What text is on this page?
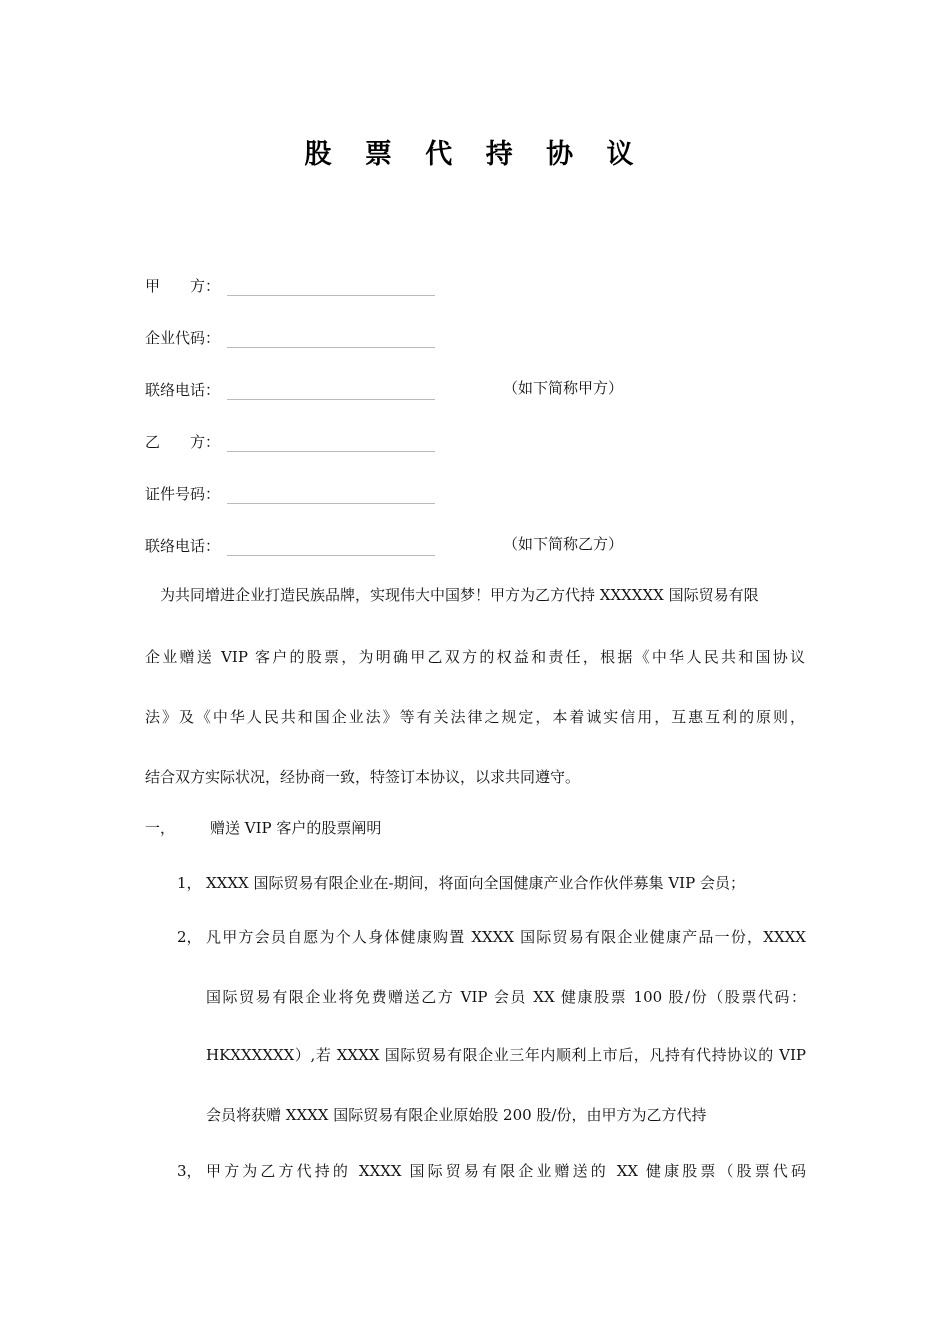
股 票 代 持 协 议
甲　　方：
企业代码：
联络电话：	（如下简称甲方）
乙　　方：
证件号码：
联络电话：	（如下简称乙方）
为共同增进企业打造民族品牌，实现伟大中国梦！甲方为乙方代持 XXXXXX 国际贸易有限
企业赠送 VIP 客户的股票，为明确甲乙双方的权益和责任，根据《中华人民共和国协议
法》及《中华人民共和国企业法》等有关法律之规定，本着诚实信用，互惠互利的原则，
结合双方实际状况，经协商一致，特签订本协议，以求共同遵守。
一， 赠送 VIP 客户的股票阐明
1， XXXX 国际贸易有限企业在-期间，将面向全国健康产业合作伙伴募集 VIP 会员；
2， 凡甲方会员自愿为个人身体健康购置 XXXX 国际贸易有限企业健康产品一份，XXXX
国际贸易有限企业将免费赠送乙方 VIP 会员 XX 健康股票 100 股/份（股票代码：
HKXXXXXX）,若 XXXX 国际贸易有限企业三年内顺利上市后，凡持有代持协议的 VIP
会员将获赠 XXXX 国际贸易有限企业原始股 200 股/份，由甲方为乙方代持
3， 甲方为乙方代持的 XXXX 国际贸易有限企业赠送的 XX 健康股票（股票代码
